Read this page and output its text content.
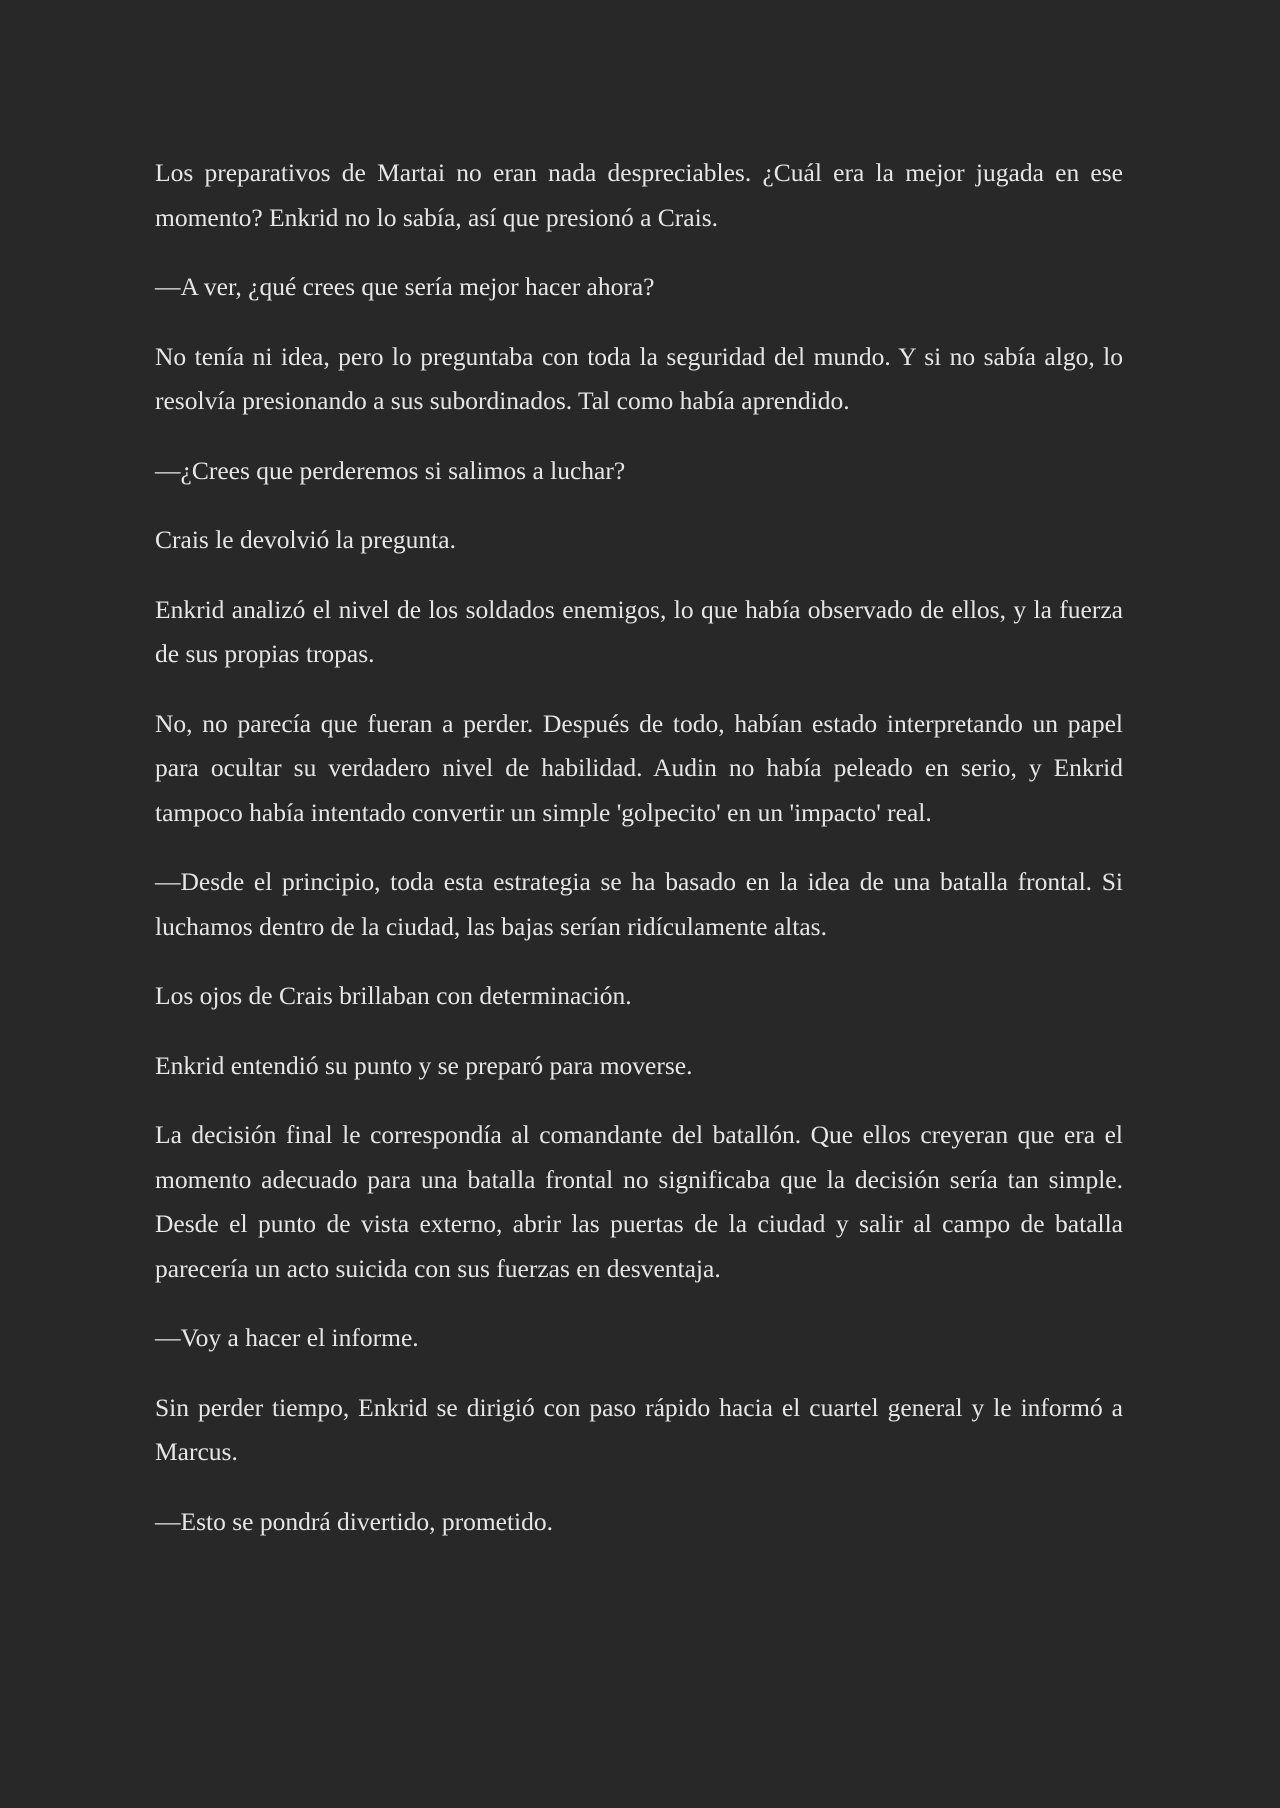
Los preparativos de Martai no eran nada despreciables. ¿Cuál era la mejor jugada en ese momento? Enkrid no lo sabía, así que presionó a Crais.

—A ver, ¿qué crees que sería mejor hacer ahora?

No tenía ni idea, pero lo preguntaba con toda la seguridad del mundo. Y si no sabía algo, lo resolvía presionando a sus subordinados. Tal como había aprendido.

—¿Crees que perderemos si salimos a luchar?

Crais le devolvió la pregunta.

Enkrid analizó el nivel de los soldados enemigos, lo que había observado de ellos, y la fuerza de sus propias tropas.

No, no parecía que fueran a perder. Después de todo, habían estado interpretando un papel para ocultar su verdadero nivel de habilidad. Audin no había peleado en serio, y Enkrid tampoco había intentado convertir un simple 'golpecito' en un 'impacto' real.

—Desde el principio, toda esta estrategia se ha basado en la idea de una batalla frontal. Si luchamos dentro de la ciudad, las bajas serían ridículamente altas.

Los ojos de Crais brillaban con determinación.

Enkrid entendió su punto y se preparó para moverse.

La decisión final le correspondía al comandante del batallón. Que ellos creyeran que era el momento adecuado para una batalla frontal no significaba que la decisión sería tan simple. Desde el punto de vista externo, abrir las puertas de la ciudad y salir al campo de batalla parecería un acto suicida con sus fuerzas en desventaja.

—Voy a hacer el informe.

Sin perder tiempo, Enkrid se dirigió con paso rápido hacia el cuartel general y le informó a Marcus.

—Esto se pondrá divertido, prometido.
